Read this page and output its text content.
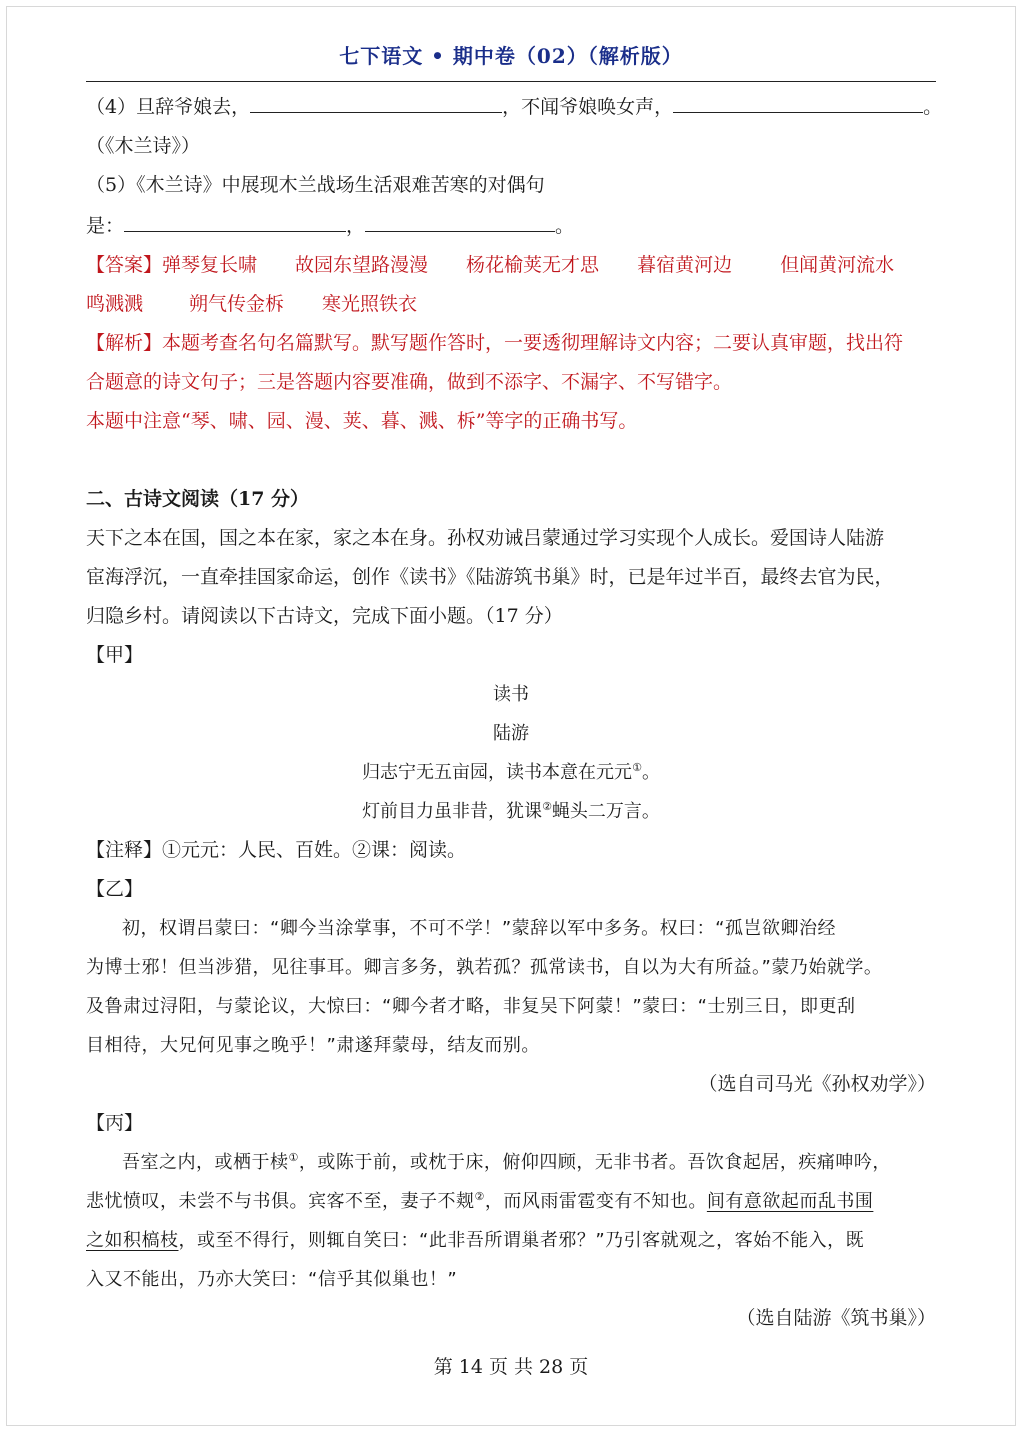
七下语文 • 期中卷（02）（解析版）
（4）旦辞爷娘去，	，不闻爷娘唤女声，	。
（《木兰诗》）
（5）《木兰诗》中展现木兰战场生活艰难苦寒的对偶句
是：	，	。
【答案】弹琴复长啸 故园东望路漫漫 杨花榆荚无才思 暮宿黄河边	但闻黄河流水
鸣溅溅 朔气传金柝 寒光照铁衣
【解析】本题考查名句名篇默写。默写题作答时，一要透彻理解诗文内容；二要认真审题，找出符
合题意的诗文句子；三是答题内容要准确，做到不添字、不漏字、不写错字。
本题中注意“琴、啸、园、漫、荚、暮、溅、柝”等字的正确书写。
二、古诗文阅读（17 分）
天下之本在国，国之本在家，家之本在身。孙权劝诫吕蒙通过学习实现个人成长。爱国诗人陆游
宦海浮沉，一直牵挂国家命运，创作《读书》《陆游筑书巢》时，已是年过半百，最终去官为民，
归隐乡村。请阅读以下古诗文，完成下面小题。（17 分）
【甲】
读书
陆游
归志宁无五亩园，读书本意在元元①。
灯前目力虽非昔，犹课②蝇头二万言。
【注释】①元元：人民、百姓。②课：阅读。
【乙】
初，权谓吕蒙曰：“卿今当涂掌事，不可不学！”蒙辞以军中多务。权曰：“孤岂欲卿治经
为博士邪！但当涉猎，见往事耳。卿言多务，孰若孤？孤常读书，自以为大有所益。”蒙乃始就学。
及鲁肃过浔阳，与蒙论议，大惊曰：“卿今者才略，非复吴下阿蒙！”蒙曰：“士别三日，即更刮
目相待，大兄何见事之晚乎！”肃遂拜蒙母，结友而别。
（选自司马光《孙权劝学》）
【丙】
吾室之内，或栖于椟①，或陈于前，或枕于床，俯仰四顾，无非书者。吾饮食起居，疾痛呻吟，
悲忧愤叹，未尝不与书俱。宾客不至，妻子不觌②，而风雨雷雹变有不知也。间有意欲起而乱书围
之如积槁枝，或至不得行，则辄自笑曰：“此非吾所谓巢者邪？”乃引客就观之，客始不能入，既
入又不能出，乃亦大笑曰：“信乎其似巢也！”
（选自陆游《筑书巢》）
第 14 页 共 28 页
